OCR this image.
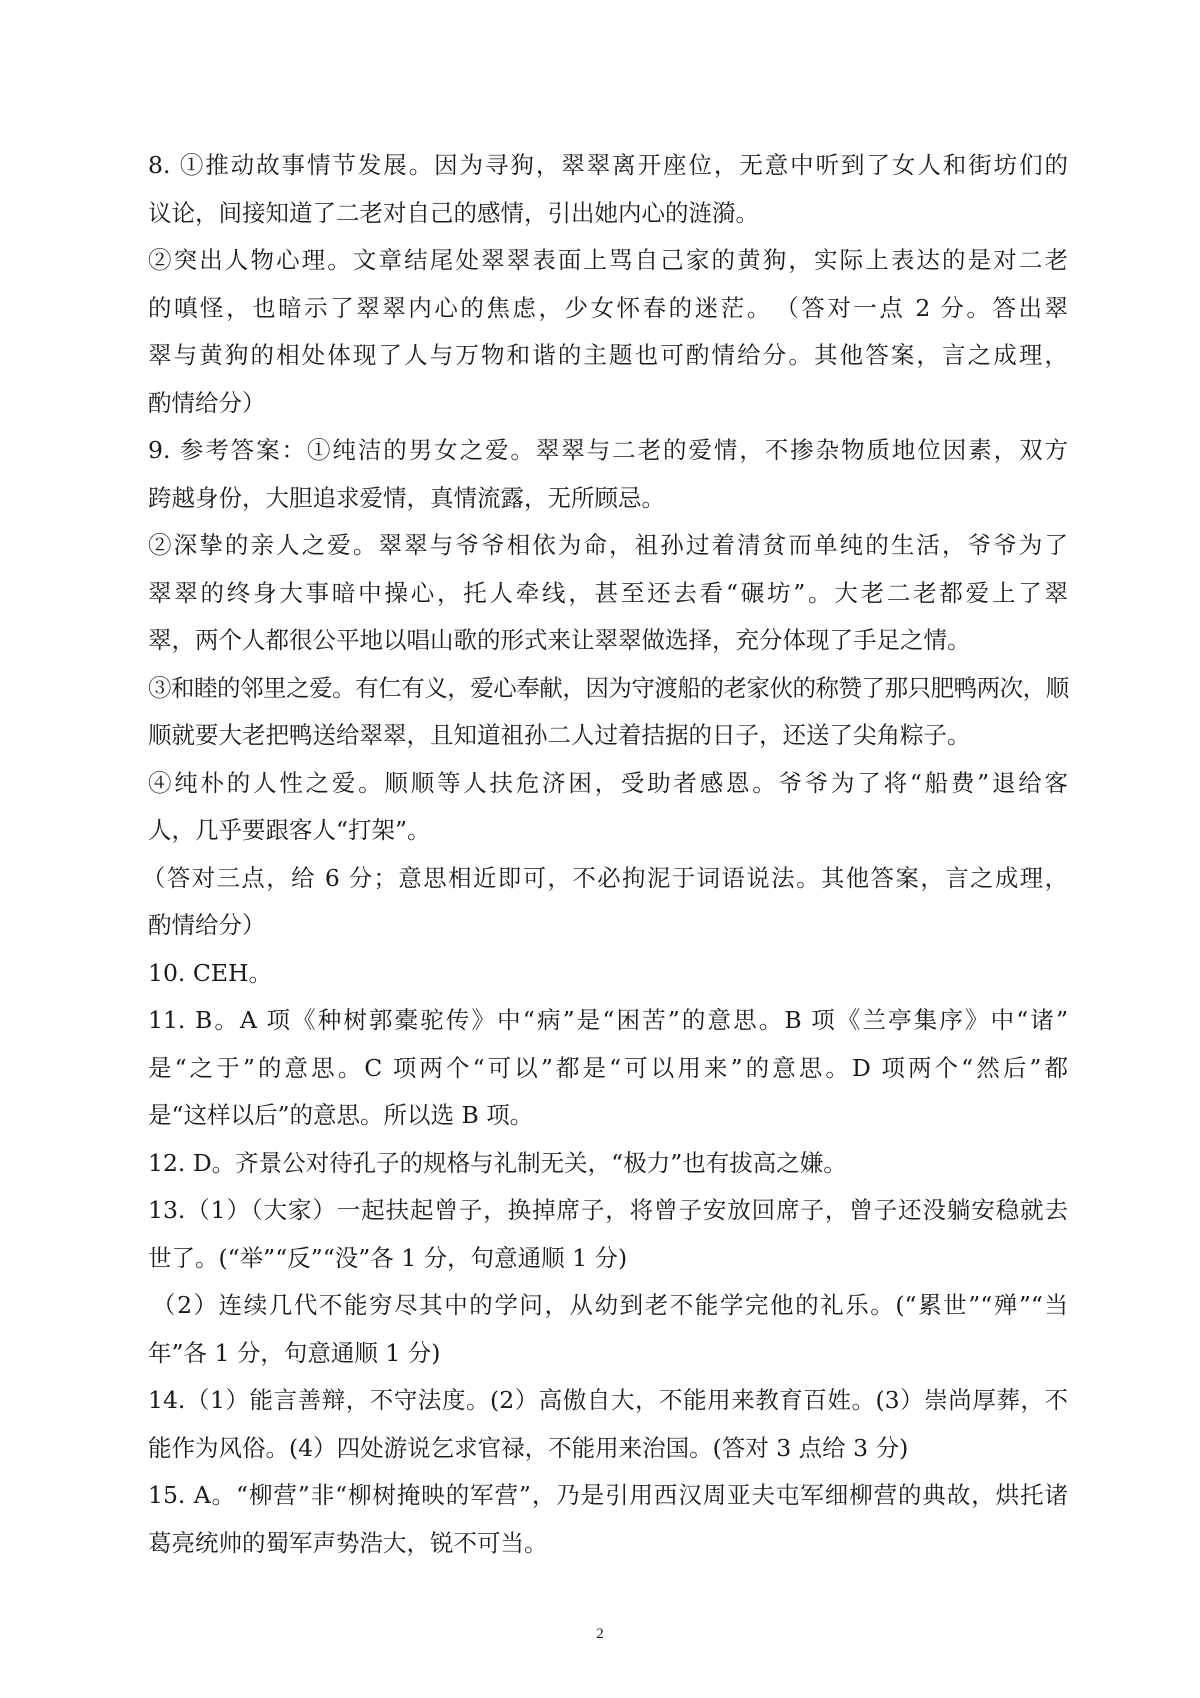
8. ①推动故事情节发展。因为寻狗，翠翠离开座位，无意中听到了女人和街坊们的
议论，间接知道了二老对自己的感情，引出她内心的涟漪。
②突出人物心理。文章结尾处翠翠表面上骂自己家的黄狗，实际上表达的是对二老
的嗔怪，也暗示了翠翠内心的焦虑，少女怀春的迷茫。　（答对一点 2 分。答出翠
翠与黄狗的相处体现了人与万物和谐的主题也可酌情给分。其他答案，言之成理，
酌情给分）
9. 参考答案：①纯洁的男女之爱。翠翠与二老的爱情，不掺杂物质地位因素，双方
跨越身份，大胆追求爱情，真情流露，无所顾忌。
②深挚的亲人之爱。翠翠与爷爷相依为命，祖孙过着清贫而单纯的生活，爷爷为了
翠翠的终身大事暗中操心，托人牵线，甚至还去看“碾坊”。大老二老都爱上了翠
翠，两个人都很公平地以唱山歌的形式来让翠翠做选择，充分体现了手足之情。
③和睦的邻里之爱。有仁有义，爱心奉献，因为守渡船的老家伙的称赞了那只肥鸭两次，顺
顺就要大老把鸭送给翠翠，且知道祖孙二人过着拮据的日子，还送了尖角粽子。
④纯朴的人性之爱。顺顺等人扶危济困，受助者感恩。爷爷为了将“船费”退给客
人，几乎要跟客人“打架”。
（答对三点，给 6 分；意思相近即可，不必拘泥于词语说法。其他答案，言之成理，
酌情给分）
10. CEH。
11. B。A 项《种树郭橐驼传》中“病”是“困苦”的意思。B 项《兰亭集序》中“诸”
是“之于”的意思。C 项两个“可以”都是“可以用来”的意思。D 项两个“然后”都
是“这样以后”的意思。所以选 B 项。
12. D。齐景公对待孔子的规格与礼制无关，“极力”也有拔高之嫌。
13.（1）（大家）一起扶起曾子，换掉席子，将曾子安放回席子，曾子还没躺安稳就去
世了。(“举”“反”“没”各 1 分，句意通顺 1 分)
（2）连续几代不能穷尽其中的学问，从幼到老不能学完他的礼乐。(“累世”“殚”“当
年”各 1 分，句意通顺 1 分)
14.（1）能言善辩，不守法度。(2）高傲自大，不能用来教育百姓。(3）崇尚厚葬，不
能作为风俗。(4）四处游说乞求官禄，不能用来治国。(答对 3 点给 3 分)
15. A。“柳营”非“柳树掩映的军营”，乃是引用西汉周亚夫屯军细柳营的典故，烘托诸
葛亮统帅的蜀军声势浩大，锐不可当。
2
